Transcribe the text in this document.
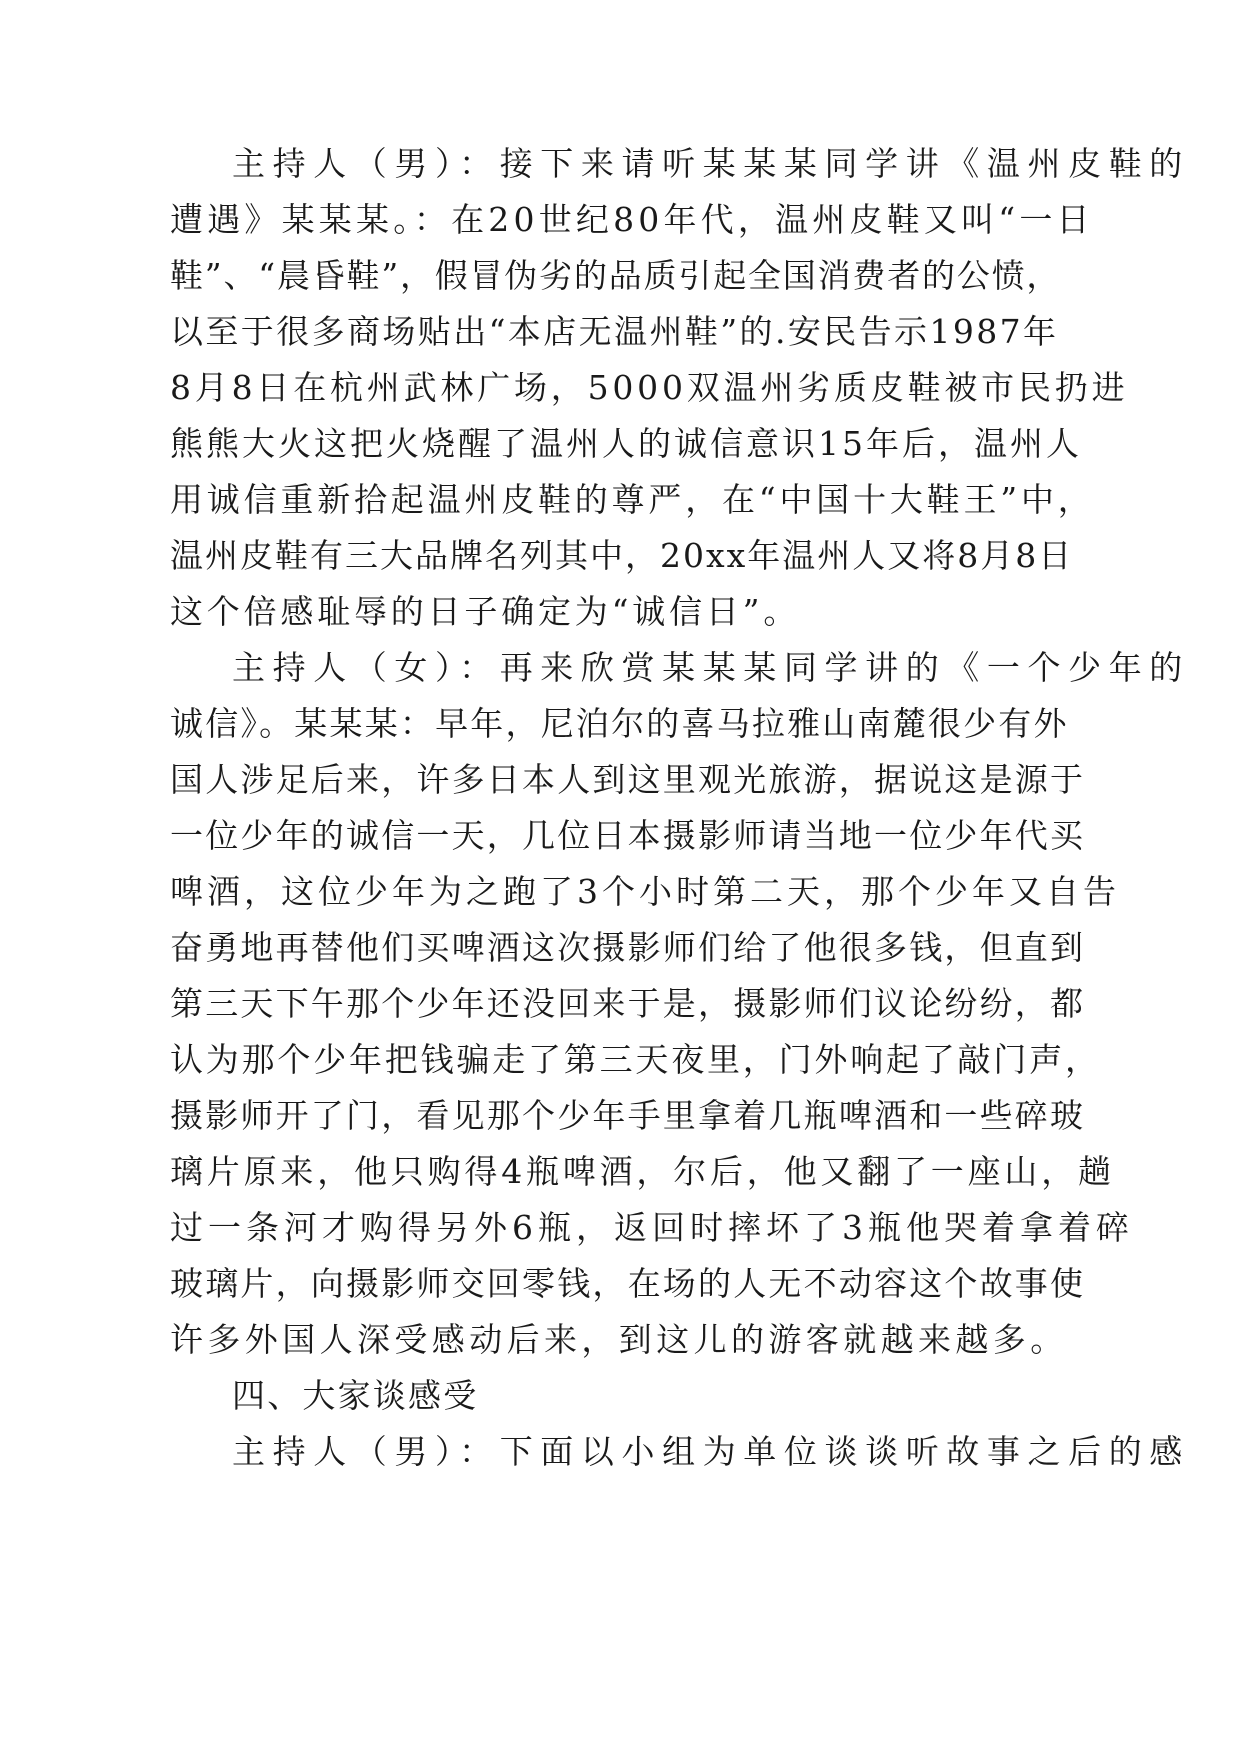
主持人（男）：接下来请听某某某同学讲《温州皮鞋的
遭遇》某某某。：在20世纪80年代，温州皮鞋又叫“一日
鞋”、“晨昏鞋”，假冒伪劣的品质引起全国消费者的公愤，
以至于很多商场贴出“本店无温州鞋”的.安民告示1987年
8月8日在杭州武林广场，5000双温州劣质皮鞋被市民扔进
熊熊大火这把火烧醒了温州人的诚信意识15年后，温州人
用诚信重新拾起温州皮鞋的尊严，在“中国十大鞋王”中，
温州皮鞋有三大品牌名列其中，20xx年温州人又将8月8日
这个倍感耻辱的日子确定为“诚信日”。
主持人（女）：再来欣赏某某某同学讲的《一个少年的
诚信》。某某某：早年，尼泊尔的喜马拉雅山南麓很少有外
国人涉足后来，许多日本人到这里观光旅游，据说这是源于
一位少年的诚信一天，几位日本摄影师请当地一位少年代买
啤酒，这位少年为之跑了3个小时第二天，那个少年又自告
奋勇地再替他们买啤酒这次摄影师们给了他很多钱，但直到
第三天下午那个少年还没回来于是，摄影师们议论纷纷，都
认为那个少年把钱骗走了第三天夜里，门外响起了敲门声，
摄影师开了门，看见那个少年手里拿着几瓶啤酒和一些碎玻
璃片原来，他只购得4瓶啤酒，尔后，他又翻了一座山，趟
过一条河才购得另外6瓶，返回时摔坏了3瓶他哭着拿着碎
玻璃片，向摄影师交回零钱，在场的人无不动容这个故事使
许多外国人深受感动后来，到这儿的游客就越来越多。
四、大家谈感受
主持人（男）：下面以小组为单位谈谈听故事之后的感
